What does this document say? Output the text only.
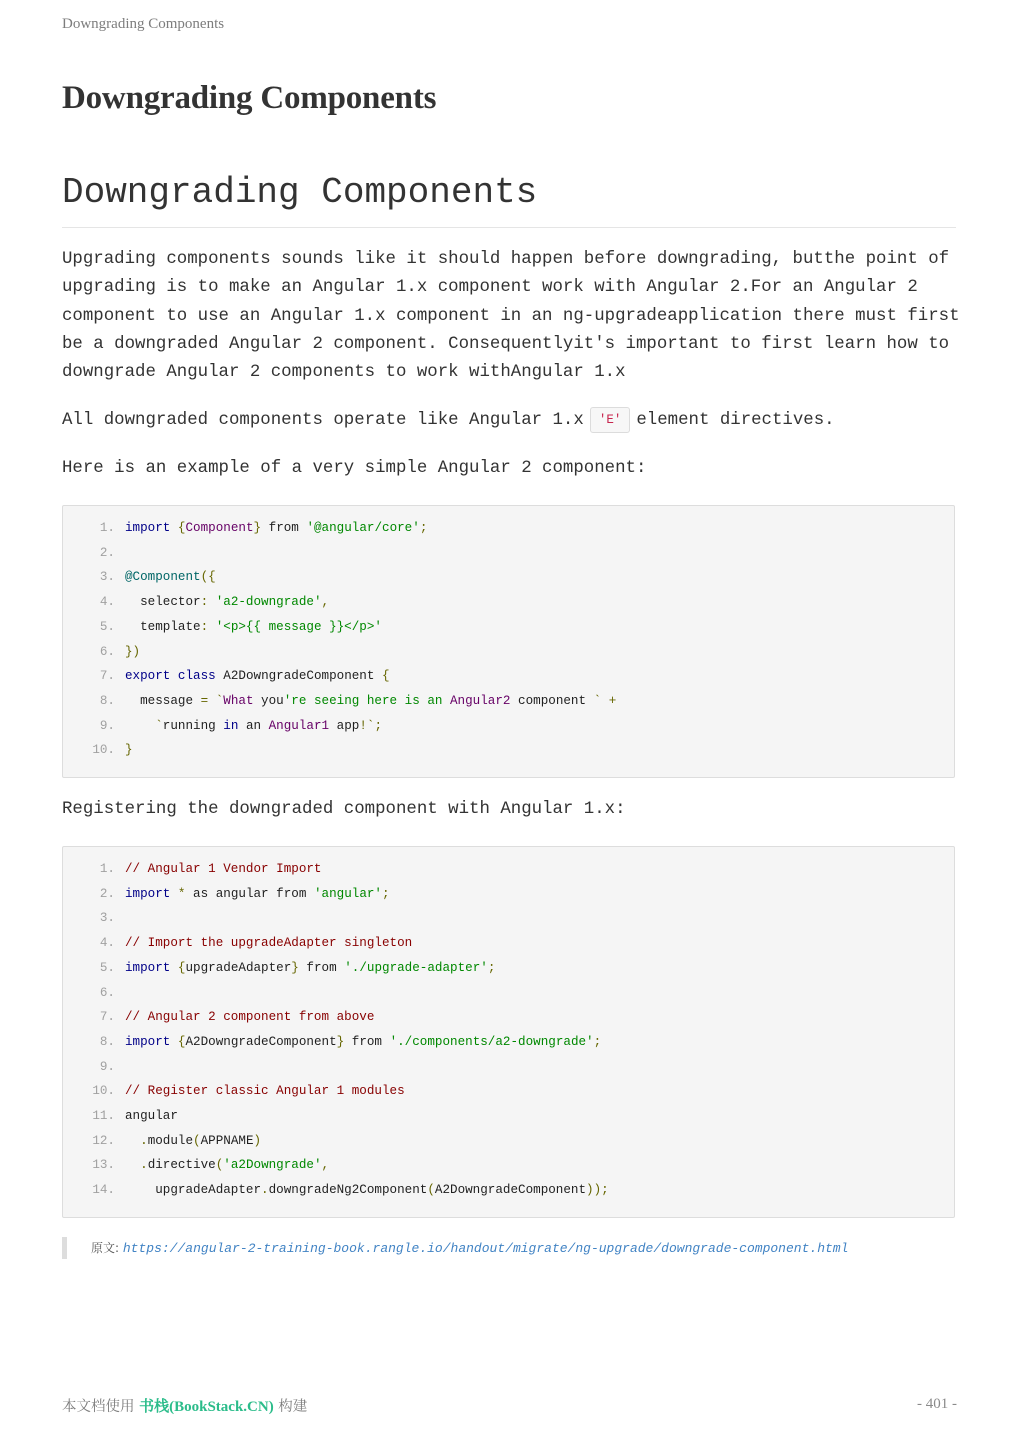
Downgrading Components
Downgrading Components
Downgrading Components
Upgrading components sounds like it should happen before downgrading, butthe point of
upgrading is to make an Angular 1.x component work with Angular 2.For an Angular 2
component to use an Angular 1.x component in an ng-upgradeapplication there must first
be a downgraded Angular 2 component. Consequentlyit's important to first learn how to
downgrade Angular 2 components to work withAngular 1.x
All downgraded components operate like Angular 1.x 'E' element directives.
Here is an example of a very simple Angular 2 component:
1. import {Component} from '@angular/core';
2.
3. @Component({
4.  selector: 'a2-downgrade',
5.  template: '<p>{{ message }}</p>'
6. })
7. export class A2DowngradeComponent {
8.  message = `What you're seeing here is an Angular2 component ` +
9.	`running in an Angular1 app!`;
10. }
Registering the downgraded component with Angular 1.x:
1. // Angular 1 Vendor Import
2. import * as angular from 'angular';
3.
4. // Import the upgradeAdapter singleton
5. import {upgradeAdapter} from './upgrade-adapter';
6.
7. // Angular 2 component from above
8. import {A2DowngradeComponent} from './components/a2-downgrade';
9.
10. // Register classic Angular 1 modules
11. angular
12. .module(APPNAME)
13. .directive('a2Downgrade',
14.    upgradeAdapter.downgradeNg2Component(A2DowngradeComponent));
原文: https://angular-2-training-book.rangle.io/handout/migrate/ng-upgrade/downgrade-component.html
本文档使用 书栈(BookStack.CN) 构建	- 401 -
